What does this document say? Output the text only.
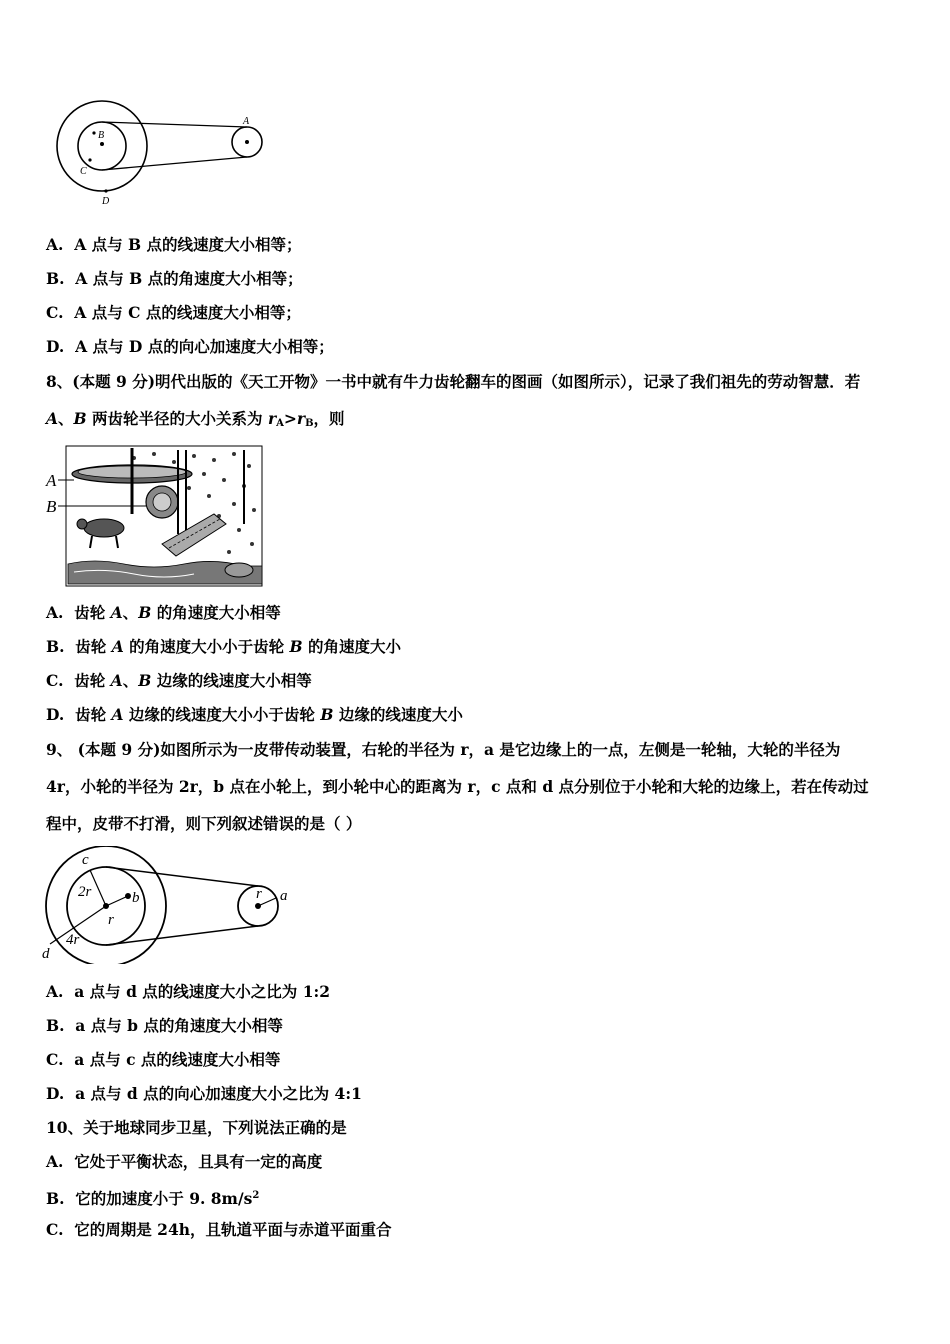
A
B
C
D
A. A 点与 B 点的线速度大小相等；
B. A 点与 B 点的角速度大小相等；
C. A 点与 C 点的线速度大小相等；
D. A 点与 D 点的向心加速度大小相等；
8、(本题 9 分)明代出版的《天工开物》一书中就有牛力齿轮翻车的图画（如图所示），记录了我们祖先的劳动智慧．若
A、B 两齿轮半径的大小关系为 $r_A>r_B$，则
A
B
A. 齿轮 A、B 的角速度大小相等
B. 齿轮 A 的角速度大小小于齿轮 B 的角速度大小
C. 齿轮 A、B 边缘的线速度大小相等
D. 齿轮 A 边缘的线速度大小小于齿轮 B 边缘的线速度大小
9、 (本题 9 分)如图所示为一皮带传动装置，右轮的半径为 r，a 是它边缘上的一点，左侧是一轮轴，大轮的半径为
4r，小轮的半径为 2r，b 点在小轮上，到小轮中心的距离为 r，c 点和 d 点分别位于小轮和大轮的边缘上，若在传动过
程中，皮带不打滑，则下列叙述错误的是（ ）
c
2r	b
r
4r
d
r a
A. a 点与 d 点的线速度大小之比为 1:2
B. a 点与 b 点的角速度大小相等
C. a 点与 c 点的线速度大小相等
D. a 点与 d 点的向心加速度大小之比为 4:1
10、关于地球同步卫星，下列说法正确的是
A. 它处于平衡状态，且具有一定的高度
B. 它的加速度小于 9. $8m/s^2$
C. 它的周期是 24h，且轨道平面与赤道平面重合
